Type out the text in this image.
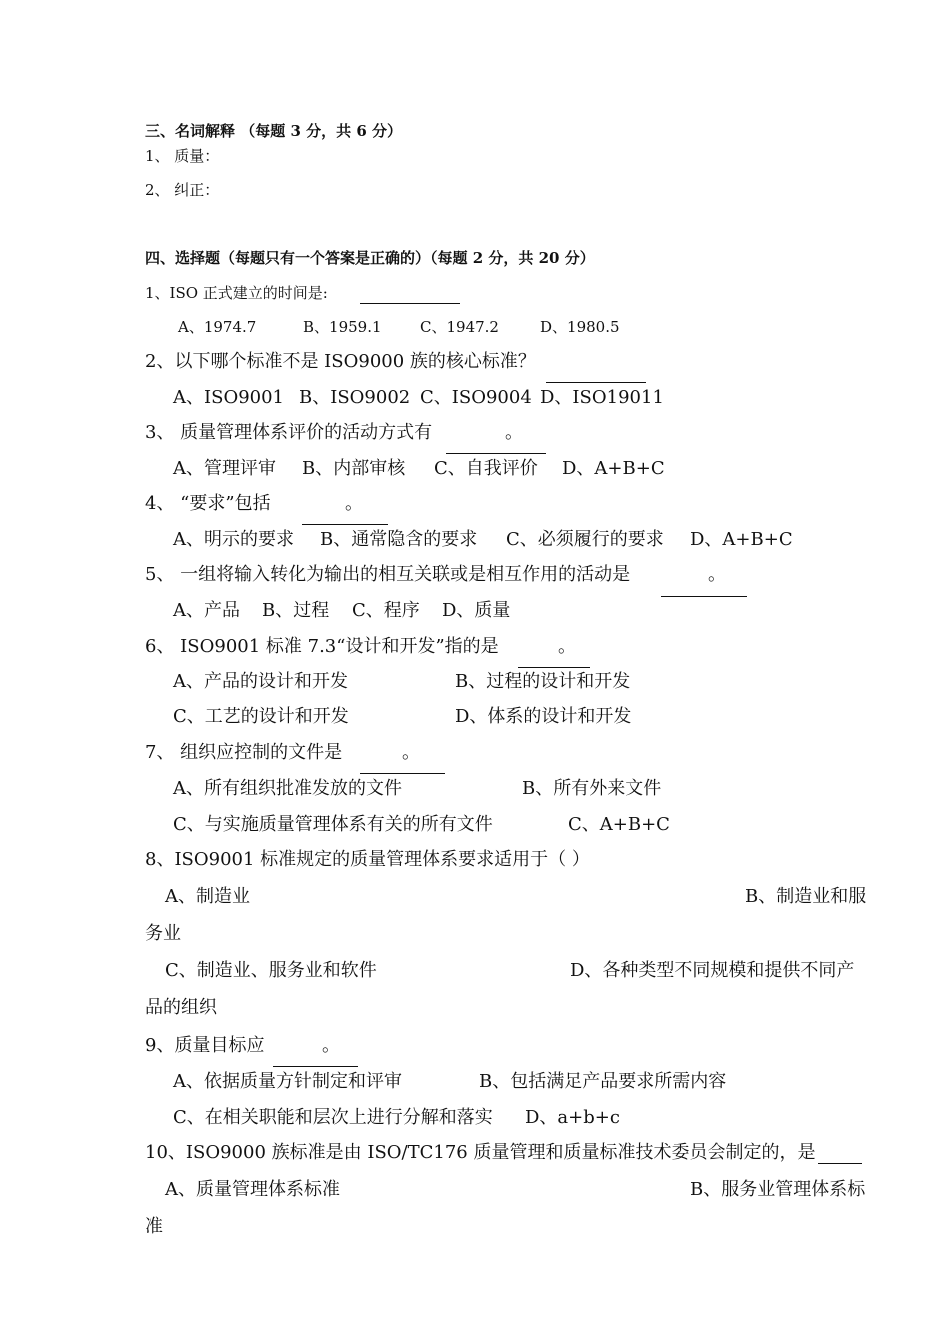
三、名词解释 （每题 3 分，共 6 分）
1、 质量：
2、 纠正：
四、选择题（每题只有一个答案是正确的）（每题 2 分，共 20 分）
1、ISO 正式建立的时间是:
A、1974.7	B、1959.1	C、1947.2	D、1980.5
2、以下哪个标准不是 ISO9000 族的核心标准？
A、ISO9001 B、ISO9002 C、ISO9004 D、ISO19011
3、 质量管理体系评价的活动方式有	。
A、管理评审 B、内部审核 C、自我评价 D、A+B+C
4、 “要求”包括	。
A、明示的要求 B、通常隐含的要求 C、必须履行的要求 D、A+B+C
5、 一组将输入转化为输出的相互关联或是相互作用的活动是	。
A、产品 B、过程 C、程序 D、质量
6、 ISO9001 标准 7.3“设计和开发”指的是	。
A、产品的设计和开发	B、过程的设计和开发
C、工艺的设计和开发	D、体系的设计和开发
7、 组织应控制的文件是	。
A、所有组织批准发放的文件	B、所有外来文件
C、与实施质量管理体系有关的所有文件	C、A+B+C
8、ISO9001 标准规定的质量管理体系要求适用于（ ）
A、制造业	B、制造业和服
务业
C、制造业、服务业和软件	D、各种类型不同规模和提供不同产
品的组织
9、质量目标应	。
A、依据质量方针制定和评审	B、包括满足产品要求所需内容
C、在相关职能和层次上进行分解和落实 D、a+b+c
10、ISO9000 族标准是由 ISO/TC176 质量管理和质量标准技术委员会制定的，是
A、质量管理体系标准	B、服务业管理体系标
准
